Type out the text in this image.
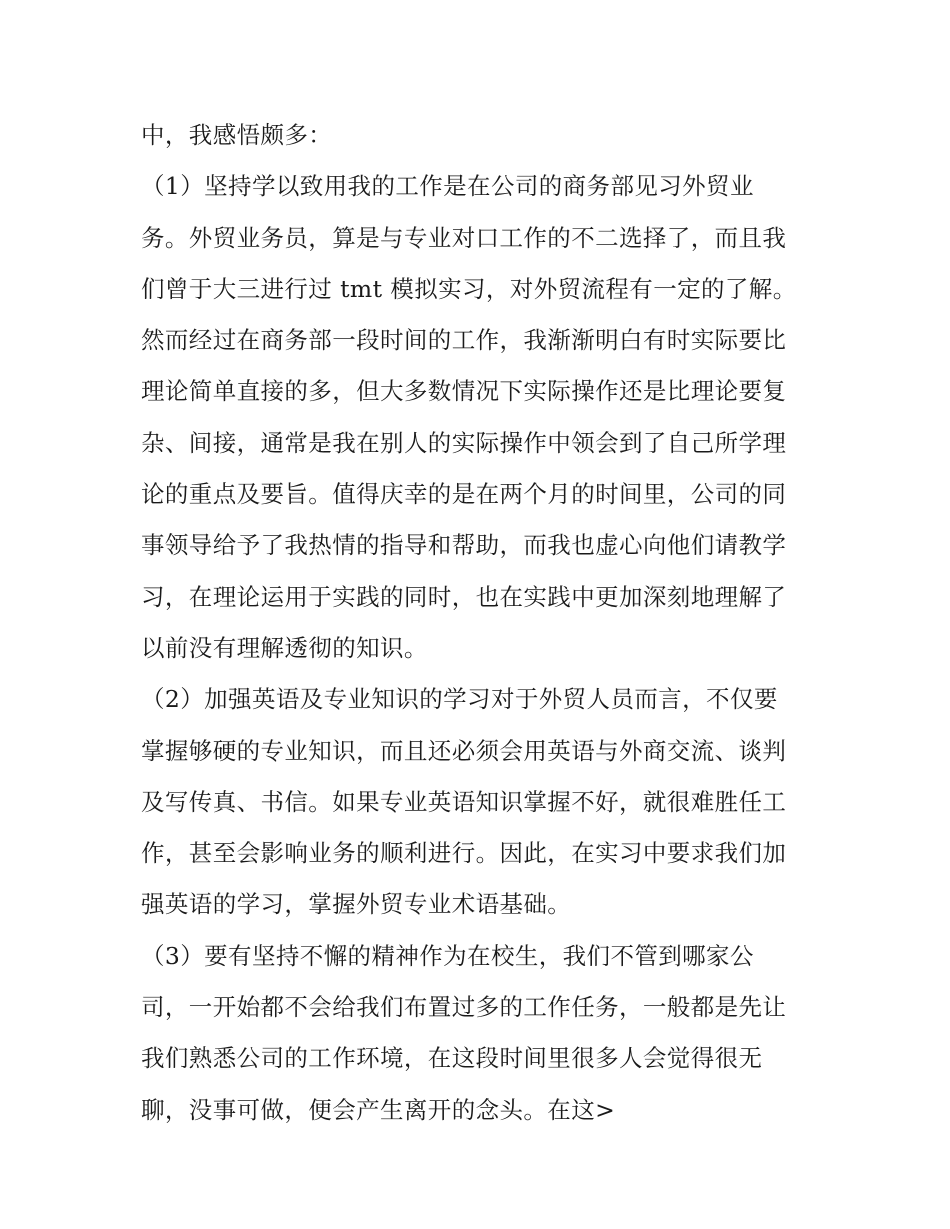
中，我感悟颇多：
（1）坚持学以致用我的工作是在公司的商务部见习外贸业
务。外贸业务员，算是与专业对口工作的不二选择了，而且我
们曾于大三进行过 tmt 模拟实习，对外贸流程有一定的了解。
然而经过在商务部一段时间的工作，我渐渐明白有时实际要比
理论简单直接的多，但大多数情况下实际操作还是比理论要复
杂、间接，通常是我在别人的实际操作中领会到了自己所学理
论的重点及要旨。值得庆幸的是在两个月的时间里，公司的同
事领导给予了我热情的指导和帮助，而我也虚心向他们请教学
习，在理论运用于实践的同时，也在实践中更加深刻地理解了
以前没有理解透彻的知识。
（2）加强英语及专业知识的学习对于外贸人员而言，不仅要
掌握够硬的专业知识，而且还必须会用英语与外商交流、谈判
及写传真、书信。如果专业英语知识掌握不好，就很难胜任工
作，甚至会影响业务的顺利进行。因此，在实习中要求我们加
强英语的学习，掌握外贸专业术语基础。
（3）要有坚持不懈的精神作为在校生，我们不管到哪家公
司，一开始都不会给我们布置过多的工作任务，一般都是先让
我们熟悉公司的工作环境，在这段时间里很多人会觉得很无
聊，没事可做，便会产生离开的念头。在这>
